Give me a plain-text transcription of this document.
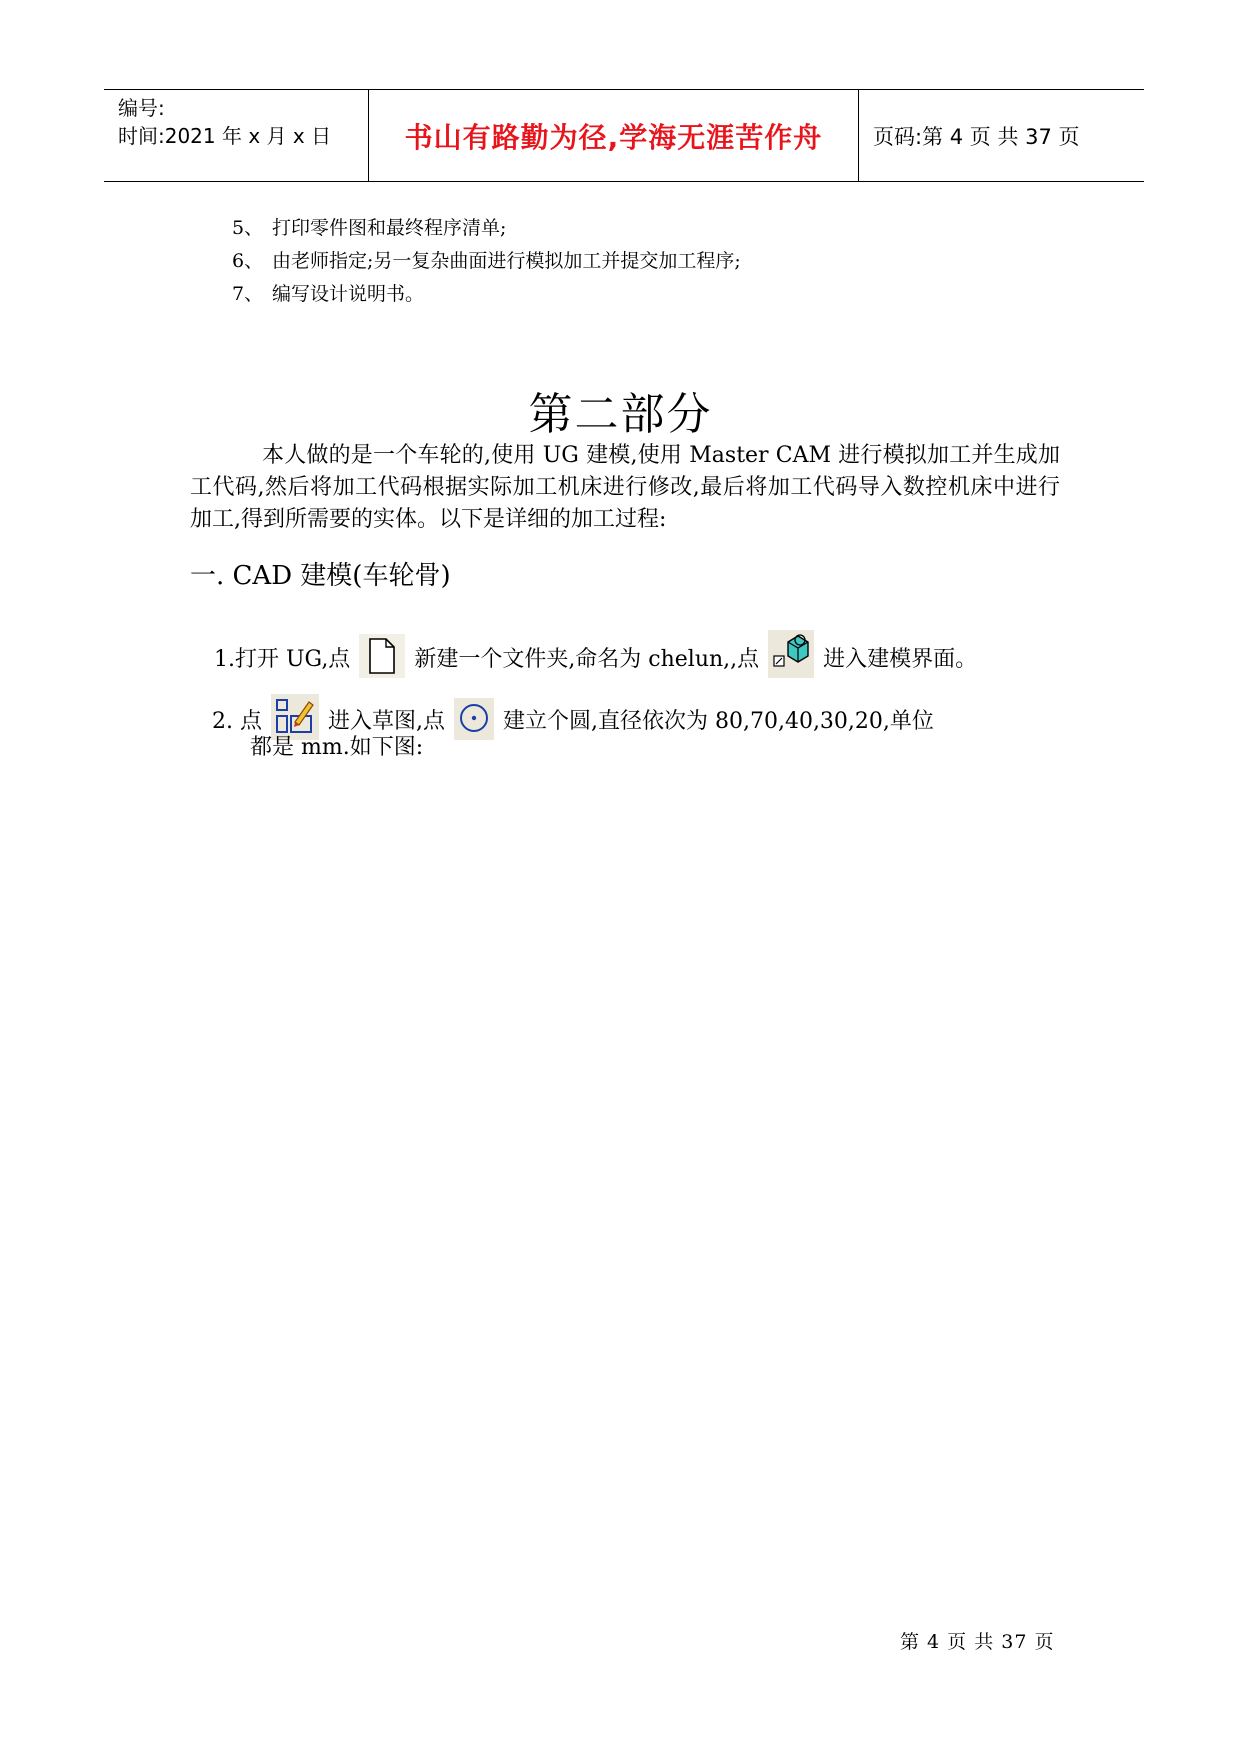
编号:
时间:2021 年 x 月 x 日	书山有路勤为径,学海无涯苦作舟 页码:第 4 页 共 37 页
5、 打印零件图和最终程序清单;
6、 由老师指定;另一复杂曲面进行模拟加工并提交加工程序;
7、 编写设计说明书。
第二部分
本人做的是一个车轮的,使用 UG 建模,使用 Master CAM 进行模拟加工并生成加工代码,然后将加工代码根据实际加工机床进行修改,最后将加工代码导入数控机床中进行加工,得到所需要的实体。以下是详细的加工过程:
一. CAD 建模(车轮骨)
1.打开 UG,点	新建一个文件夹,命名为 chelun,,点	进入建模界面。
2. 点	进入草图,点	建立个圆,直径依次为 80,70,40,30,20,单位
都是 mm.如下图:
第 4 页 共 37 页
